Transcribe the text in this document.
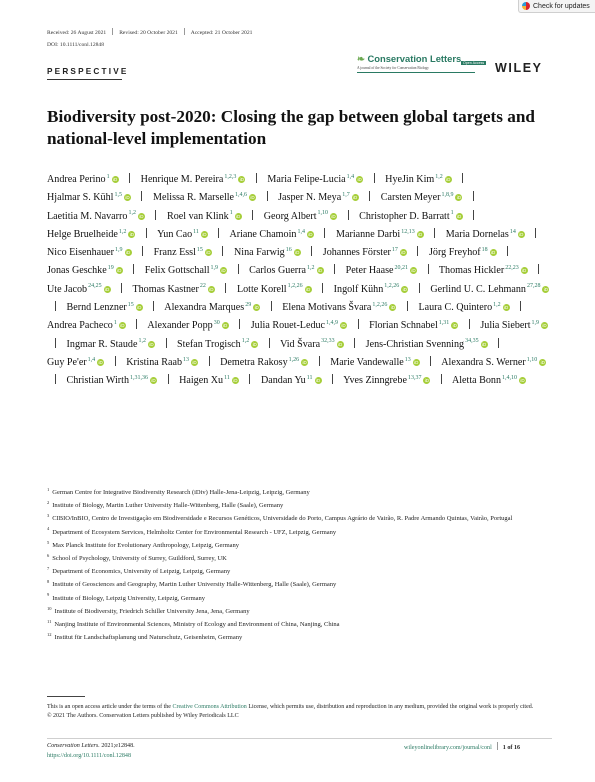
Check for updates
Received: 26 August 2021 Revised: 20 October 2021 Accepted: 21 October 2021
DOI: 10.1111/conl.12848
PERSPECTIVE
❧ Conservation Letters
A journal of the Society for Conservation Biology
Open Access WILEY
Biodiversity post-2020: Closing the gap between global targets and national-level implementation
Andrea Perino$^1$ iD Henrique M. Pereira$^{1,2,3}$ iD Maria Felipe-Lucia$^{1,4}$ iD HyeJin Kim$^{1,2}$ iD  Hjalmar S. Kühl$^{1,5}$ iD Melissa R. Marselle$^{1,4,6}$ iD Jasper N. Meya$^{1,7}$ iD Carsten Meyer$^{1,8,9}$ iD  Laetitia M. Navarro$^{1,2}$ iD Roel van Klink$^1$ iD Georg Albert$^{1,10}$ iD Christopher D. Barratt$^1$ iD  Helge Bruelheide$^{1,2}$ iD Yun Cao$^{11}$ iD Ariane Chamoin$^{1,4}$ iD Marianne Darbi$^{12,13}$ iD Maria Dornelas$^{14}$ iD  Nico Eisenhauer$^{1,9}$ iD Franz Essl$^{15}$ iD Nina Farwig$^{16}$ iD Johannes Förster$^{17}$ iD Jörg Freyhof$^{18}$ iD  Jonas Geschke$^{19}$ iD Felix Gottschall$^{1,9}$ iD Carlos Guerra$^{1,2}$ iD Peter Haase$^{20,21}$ iD Thomas Hickler$^{22,23}$ iD  Ute Jacob$^{24,25}$ iD Thomas Kastner$^{22}$ iD Lotte Korell$^{1,2,26}$ iD Ingolf Kühn$^{1,2,26}$ iD Gerlind U. C. Lehmann$^{27,28}$ iD  Bernd Lenzner$^{15}$ iD Alexandra Marques$^{29}$ iD Elena Motivans Švara$^{1,2,26}$ iD Laura C. Quintero$^{1,2}$ iD  Andrea Pacheco$^1$ iD Alexander Popp$^{30}$ iD Julia Rouet-Leduc$^{1,4,9}$ iD Florian Schnabel$^{1,31}$ iD Julia Siebert$^{1,9}$ iD  Ingmar R. Staude$^{1,2}$ iD Stefan Trogisch$^{1,2}$ iD Vid Švara$^{32,33}$ iD Jens-Christian Svenning$^{34,35}$ iD  Guy Pe'er$^{1,4}$ iD Kristina Raab$^{13}$ iD Demetra Rakosy$^{1,26}$ iD Marie Vandewalle$^{13}$ iD Alexandra S. Werner$^{1,10}$ iD  Christian Wirth$^{1,31,36}$ iD Haigen Xu$^{11}$ iD Dandan Yu$^{11}$ iD Yves Zinngrebe$^{13,37}$ iD Aletta Bonn$^{1,4,10}$ iD
$^1$ German Centre for Integrative Biodiversity Research (iDiv) Halle-Jena-Leipzig, Leipzig, Germany
$^2$ Institute of Biology, Martin Luther University Halle-Wittenberg, Halle (Saale), Germany
$^3$ CIBIO/InBIO, Centro de Investigação em Biodiversidade e Recursos Genéticos, Universidade do Porto, Campus Agrário de Vairão, R. Padre Armando Quintas, Vairão, Portugal
$^4$ Department of Ecosystem Services, Helmholtz Center for Environmental Research - UFZ, Leipzig, Germany
$^5$ Max Planck Institute for Evolutionary Anthropology, Leipzig, Germany
$^6$ School of Psychology, University of Surrey, Guildford, Surrey, UK
$^7$ Department of Economics, University of Leipzig, Leipzig, Germany
$^8$ Institute of Geosciences and Geography, Martin Luther University Halle-Wittenberg, Halle (Saale), Germany
$^9$ Institute of Biology, Leipzig University, Leipzig, Germany
$^{10}$ Institute of Biodiversity, Friedrich Schiller University Jena, Jena, Germany
$^{11}$ Nanjing Institute of Environmental Sciences, Ministry of Ecology and Environment of China, Nanjing, China
$^{12}$ Institut für Landschaftsplanung und Naturschutz, Geisenheim, Germany
This is an open access article under the terms of the Creative Commons Attribution License, which permits use, distribution and reproduction in any medium, provided the original work is properly cited.
© 2021 The Authors. Conservation Letters published by Wiley Periodicals LLC
Conservation Letters. 2021;e12848.
https://doi.org/10.1111/conl.12848
wileyonlinelibrary.com/journal/conl 1 of 16
